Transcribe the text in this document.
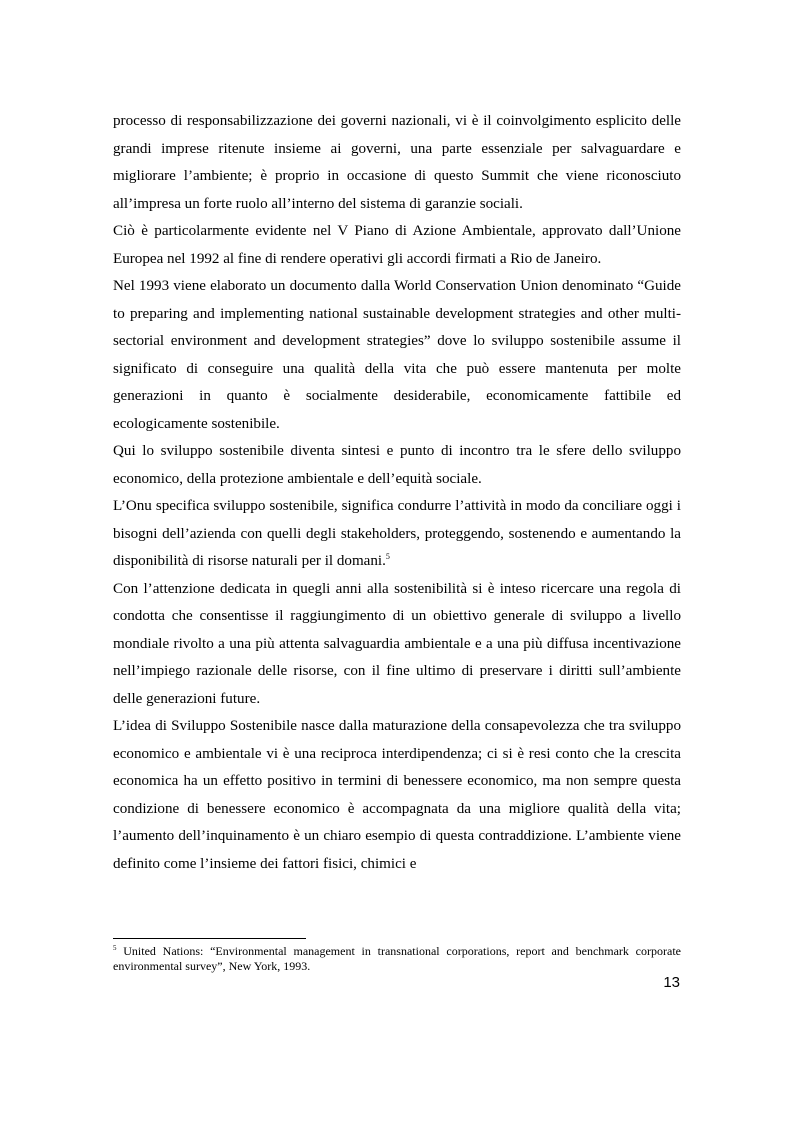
processo di responsabilizzazione dei governi nazionali, vi è il coinvolgimento esplicito delle grandi imprese ritenute insieme ai governi, una parte essenziale per salvaguardare e migliorare l’ambiente; è proprio in occasione di questo Summit che viene riconosciuto all’impresa un forte ruolo all’interno del sistema di garanzie sociali.

Ciò è particolarmente evidente nel V Piano di Azione Ambientale, approvato dall’Unione Europea nel 1992 al fine di rendere operativi gli accordi firmati a Rio de Janeiro.

Nel 1993 viene elaborato un documento dalla World Conservation Union denominato “Guide to preparing and implementing national sustainable development strategies and other multi-sectorial environment and development strategies” dove lo sviluppo sostenibile assume il significato di conseguire una qualità della vita che può essere mantenuta per molte generazioni in quanto è socialmente desiderabile, economicamente fattibile ed ecologicamente sostenibile.

Qui lo sviluppo sostenibile diventa sintesi e punto di incontro tra le sfere dello sviluppo economico, della protezione ambientale e dell’equità sociale.

L’Onu specifica sviluppo sostenibile, significa condurre l’attività in modo da conciliare oggi i bisogni dell’azienda con quelli degli stakeholders, proteggendo, sostenendo e aumentando la disponibilità di risorse naturali per il domani.$^5$

Con l’attenzione dedicata in quegli anni alla sostenibilità si è inteso ricercare una regola di condotta che consentisse il raggiungimento di un obiettivo generale di sviluppo a livello mondiale rivolto a una più attenta salvaguardia ambientale e a una più diffusa incentivazione nell’impiego razionale delle risorse, con il fine ultimo di preservare i diritti sull’ambiente delle generazioni future.

L’idea di Sviluppo Sostenibile nasce dalla maturazione della consapevolezza che tra sviluppo economico e ambientale vi è una reciproca interdipendenza; ci si è resi conto che la crescita economica ha un effetto positivo in termini di benessere economico, ma non sempre questa condizione di benessere economico è accompagnata da una migliore qualità della vita; l’aumento dell’inquinamento è un chiaro esempio di questa contraddizione. L’ambiente viene definito come l’insieme dei fattori fisici, chimici e

$^5$ United Nations: “Environmental management in transnational corporations, report and benchmark corporate environmental survey”, New York, 1993.
13
